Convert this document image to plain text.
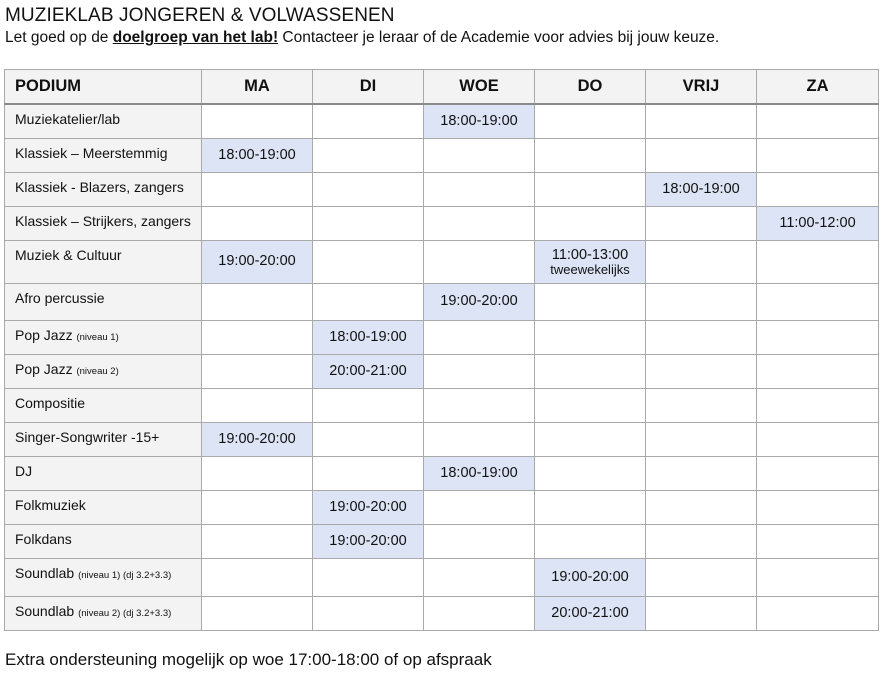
MUZIEKLAB JONGEREN & VOLWASSENEN
Let goed op de doelgroep van het lab! Contacteer je leraar of de Academie voor advies bij jouw keuze.
PODIUM	MA	DI	WOE	DO	VRIJ	ZA
Muziekatelier/lab			18:00-19:00			

Klassiek – Meerstemmig	18:00-19:00					

Klassiek - Blazers, zangers					18:00-19:00	

Klassiek – Strijkers, zangers						11:00-12:00

Muziek & Cultuur	19:00-20:00			11:00-13:00
tweewekelijks		

Afro percussie			19:00-20:00			

Pop Jazz (niveau 1)		18:00-19:00				

Pop Jazz (niveau 2)		20:00-21:00				

Compositie						
Singer-Songwriter -15+	19:00-20:00					

DJ			18:00-19:00			

Folkmuziek		19:00-20:00				

Folkdans		19:00-20:00				

Soundlab (niveau 1) (dj 3.2+3.3)				19:00-20:00		

Soundlab (niveau 2) (dj 3.2+3.3)				20:00-21:00		

Extra ondersteuning mogelijk op woe 17:00-18:00 of op afspraak
